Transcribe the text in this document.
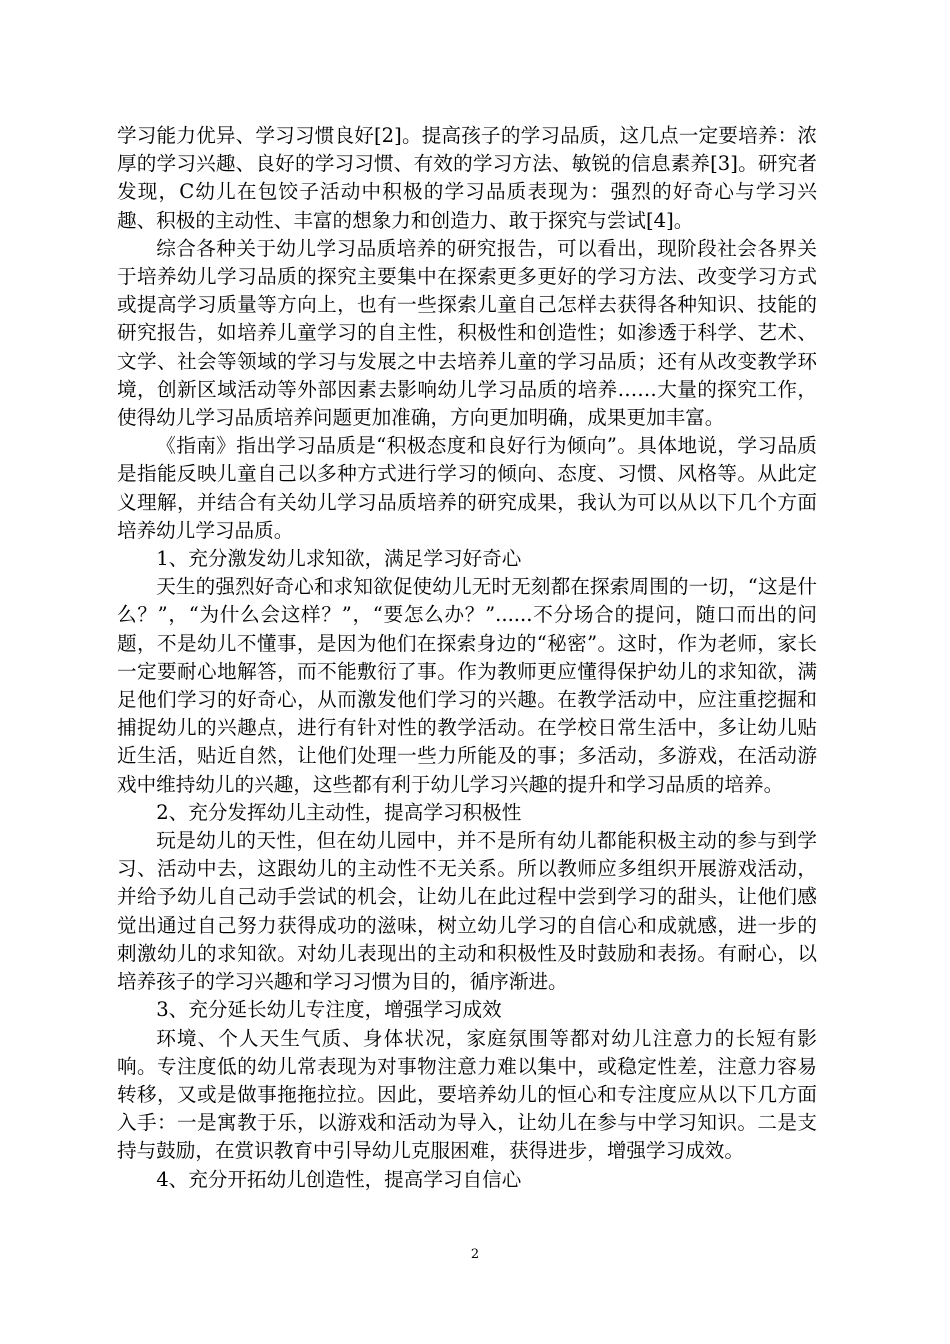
学习能力优异、学习习惯良好[2]。提高孩子的学习品质，这几点一定要培养：浓厚的学习兴趣、良好的学习习惯、有效的学习方法、敏锐的信息素养[3]。研究者发现，C幼儿在包饺子活动中积极的学习品质表现为：强烈的好奇心与学习兴趣、积极的主动性、丰富的想象力和创造力、敢于探究与尝试[4]。

综合各种关于幼儿学习品质培养的研究报告，可以看出，现阶段社会各界关于培养幼儿学习品质的探究主要集中在探索更多更好的学习方法、改变学习方式或提高学习质量等方向上，也有一些探索儿童自己怎样去获得各种知识、技能的研究报告，如培养儿童学习的自主性，积极性和创造性；如渗透于科学、艺术、文学、社会等领域的学习与发展之中去培养儿童的学习品质；还有从改变教学环境，创新区域活动等外部因素去影响幼儿学习品质的培养……大量的探究工作，使得幼儿学习品质培养问题更加准确，方向更加明确，成果更加丰富。

《指南》指出学习品质是“积极态度和良好行为倾向”。具体地说，学习品质是指能反映儿童自己以多种方式进行学习的倾向、态度、习惯、风格等。从此定义理解，并结合有关幼儿学习品质培养的研究成果，我认为可以从以下几个方面培养幼儿学习品质。

1、充分激发幼儿求知欲，满足学习好奇心

天生的强烈好奇心和求知欲促使幼儿无时无刻都在探索周围的一切，“这是什么？”，“为什么会这样？”，“要怎么办？”......不分场合的提问，随口而出的问题，不是幼儿不懂事，是因为他们在探索身边的“秘密”。这时，作为老师，家长一定要耐心地解答，而不能敷衍了事。作为教师更应懂得保护幼儿的求知欲，满足他们学习的好奇心，从而激发他们学习的兴趣。在教学活动中，应注重挖掘和捕捉幼儿的兴趣点，进行有针对性的教学活动。在学校日常生活中，多让幼儿贴近生活，贴近自然，让他们处理一些力所能及的事；多活动，多游戏，在活动游戏中维持幼儿的兴趣，这些都有利于幼儿学习兴趣的提升和学习品质的培养。

2、充分发挥幼儿主动性，提高学习积极性

玩是幼儿的天性，但在幼儿园中，并不是所有幼儿都能积极主动的参与到学习、活动中去，这跟幼儿的主动性不无关系。所以教师应多组织开展游戏活动，并给予幼儿自己动手尝试的机会，让幼儿在此过程中尝到学习的甜头，让他们感觉出通过自己努力获得成功的滋味，树立幼儿学习的自信心和成就感，进一步的刺激幼儿的求知欲。对幼儿表现出的主动和积极性及时鼓励和表扬。有耐心，以培养孩子的学习兴趣和学习习惯为目的，循序渐进。

3、充分延长幼儿专注度，增强学习成效

环境、个人天生气质、身体状况，家庭氛围等都对幼儿注意力的长短有影响。专注度低的幼儿常表现为对事物注意力难以集中，或稳定性差，注意力容易转移，又或是做事拖拖拉拉。因此，要培养幼儿的恒心和专注度应从以下几方面入手：一是寓教于乐，以游戏和活动为导入，让幼儿在参与中学习知识。二是支持与鼓励，在赏识教育中引导幼儿克服困难，获得进步，增强学习成效。

4、充分开拓幼儿创造性，提高学习自信心

2
